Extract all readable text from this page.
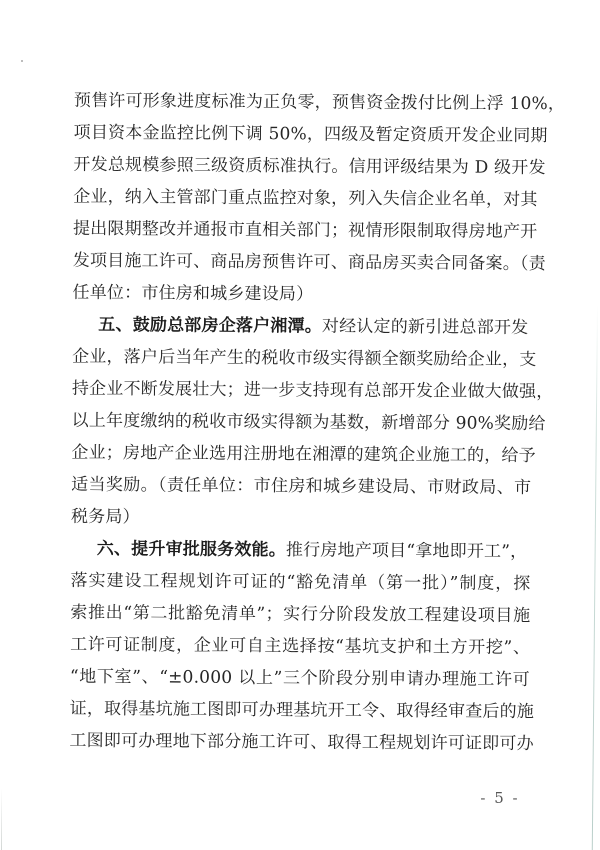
预售许可形象进度标准为正负零，预售资金拨付比例上浮 10%，
项目资本金监控比例下调 50%，四级及暂定资质开发企业同期
开发总规模参照三级资质标准执行。信用评级结果为 D 级开发
企业，纳入主管部门重点监控对象，列入失信企业名单，对其
提出限期整改并通报市直相关部门；视情形限制取得房地产开
发项目施工许可、商品房预售许可、商品房买卖合同备案。（责
任单位：市住房和城乡建设局）
五、鼓励总部房企落户湘潭。对经认定的新引进总部开发
企业，落户后当年产生的税收市级实得额全额奖励给企业，支
持企业不断发展壮大；进一步支持现有总部开发企业做大做强，
以上年度缴纳的税收市级实得额为基数，新增部分 90%奖励给
企业；房地产企业选用注册地在湘潭的建筑企业施工的，给予
适当奖励。（责任单位：市住房和城乡建设局、市财政局、市
税务局）
六、提升审批服务效能。推行房地产项目“拿地即开工”，
落实建设工程规划许可证的“豁免清单（第一批）”制度，探
索推出“第二批豁免清单”；实行分阶段发放工程建设项目施
工许可证制度，企业可自主选择按“基坑支护和土方开挖”、
“地下室”、“±0.000 以上”三个阶段分别申请办理施工许可
证，取得基坑施工图即可办理基坑开工令、取得经审查后的施
工图即可办理地下部分施工许可、取得工程规划许可证即可办
- 5 -
